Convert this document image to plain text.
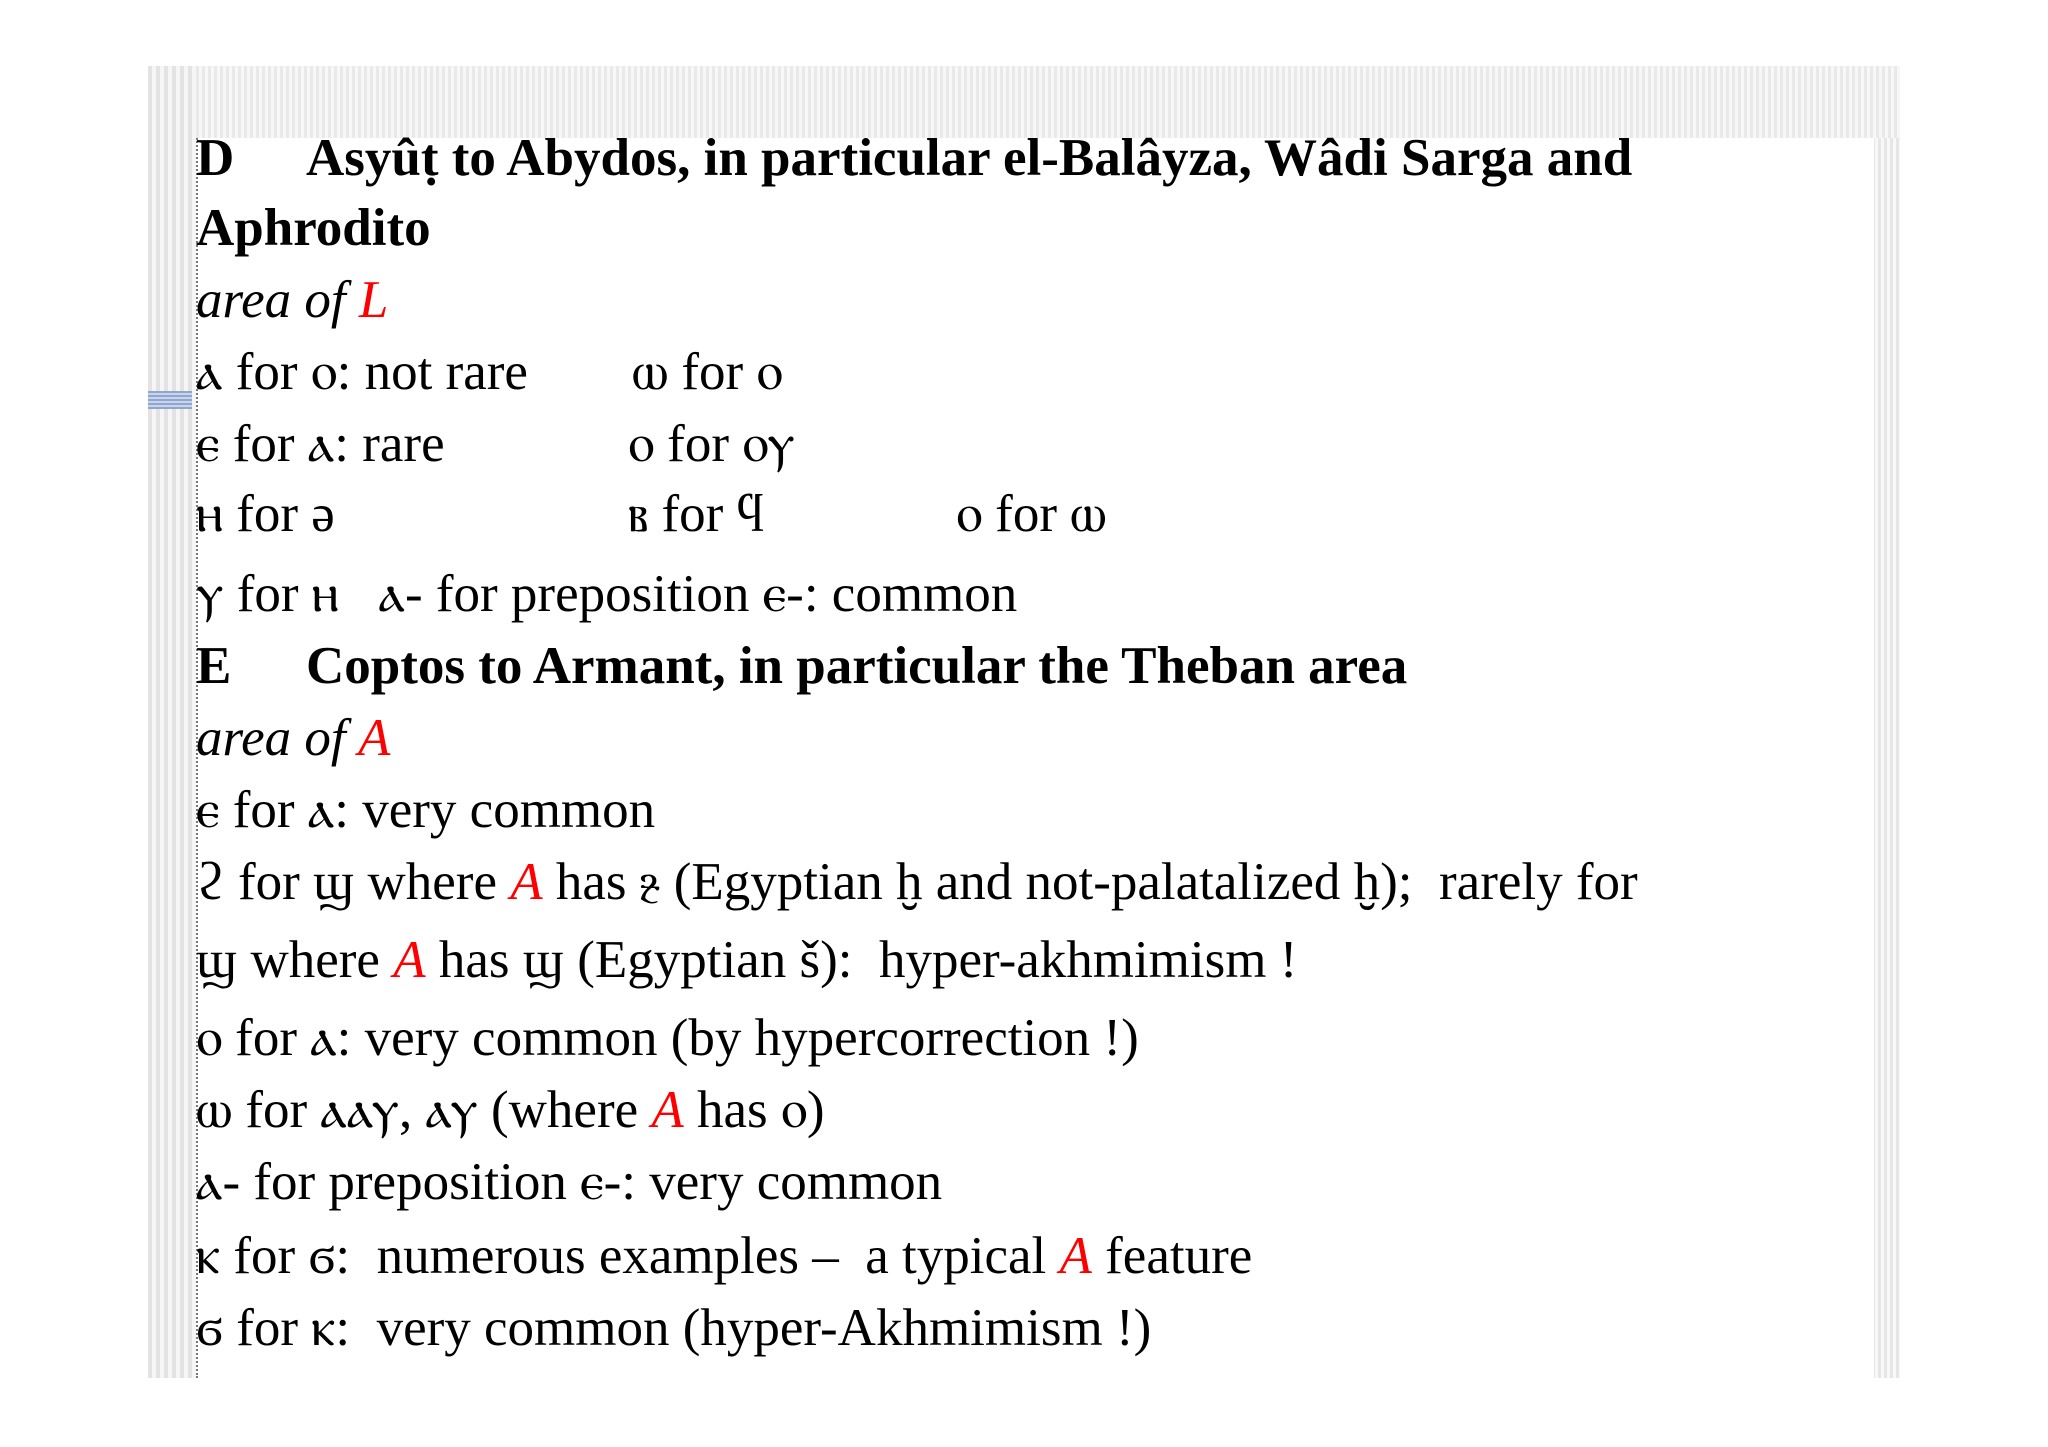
D Asyûṭ to Abydos, in particular el-Balâyza, Wâdi Sarga and
Aphrodito
area of L
ⲁ for ⲟ: not rare ⲱ for ⲟ
ⲉ for ⲁ: rare	ⲟ for ⲟⲩ
ⲏ for ə	ⲃ for ϥ	ⲟ for ⲱ
ⲩ for ⲏ   ⲁ- for preposition ⲉ-: common
E Coptos to Armant, in particular the Theban area
area of A
ⲉ for ⲁ: very common
ϩ for ϣ where A has ⳉ (Egyptian ḫ and not-palatalized ḫ);  rarely for
ϣ where A has ϣ (Egyptian š):  hyper-akhmimism !
ⲟ for ⲁ: very common (by hypercorrection !)
ⲱ for ⲁⲁⲩ, ⲁⲩ (where A has ⲟ)
ⲁ- for preposition ⲉ-: very common
ⲕ for ϭ:  numerous examples –  a typical A feature
ϭ for ⲕ:  very common (hyper-Akhmimism !)
